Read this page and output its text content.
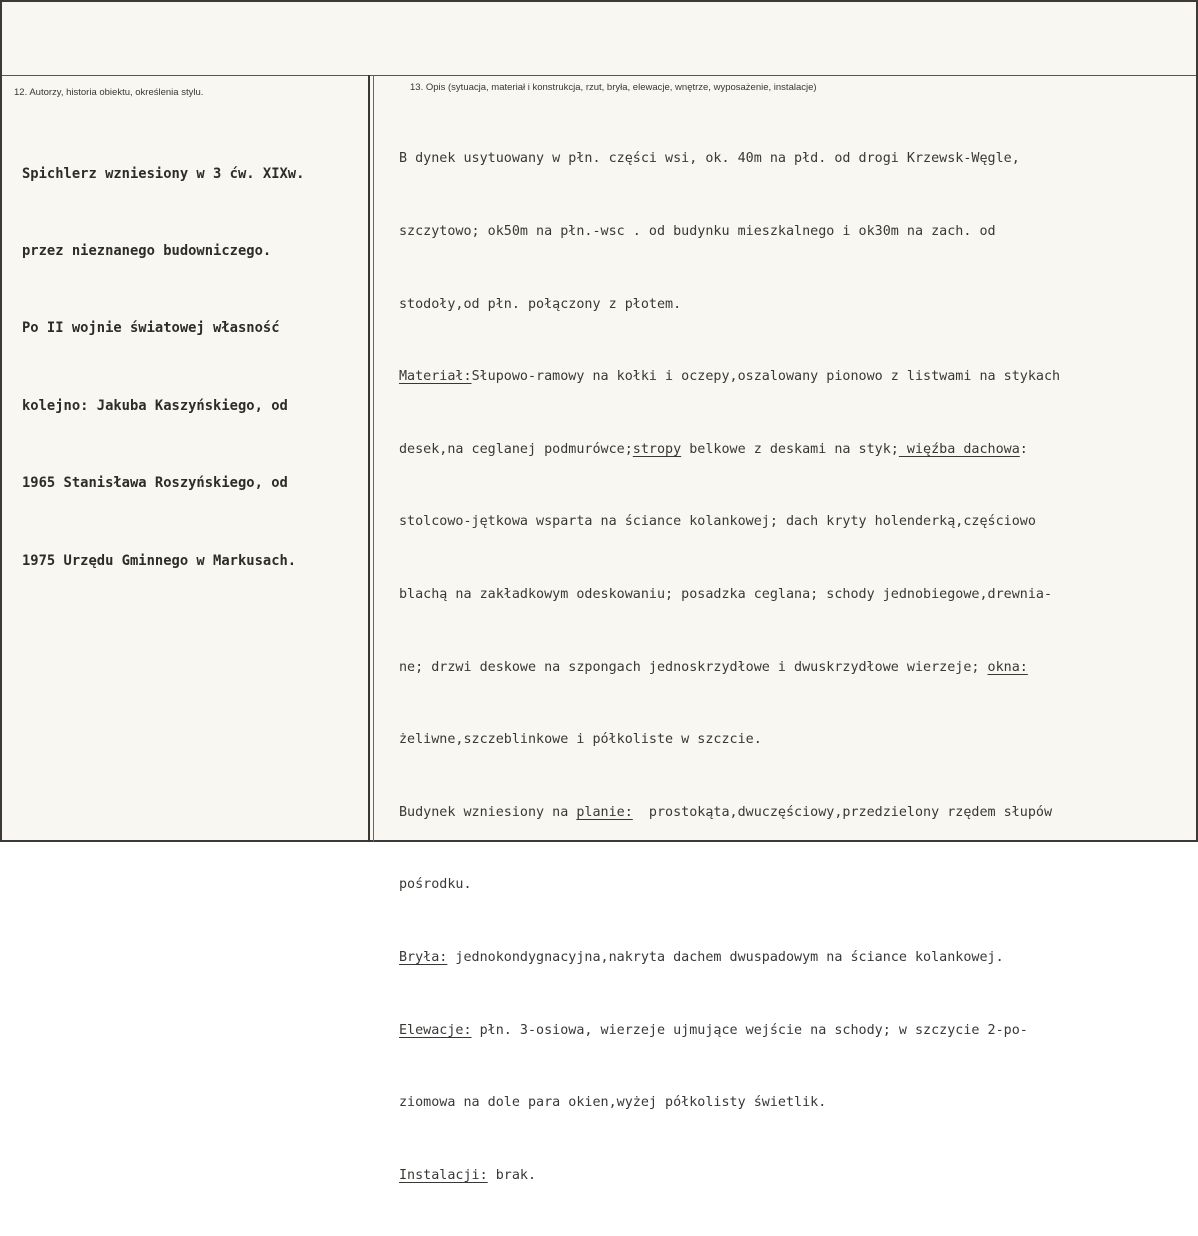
12. Autorzy, historia obiektu, określenia stylu.	13. Opis (sytuacja, materiał i konstrukcja, rzut, bryła, elewacje, wnętrze, wyposażenie, instalacje)

Spichlerz wzniesiony w 3 ćw. XIXw.

przez nieznanego budowniczego.

Po II wojnie światowej własność

kolejno: Jakuba Kaszyńskiego, od

1965 Stanisława Roszyńskiego, od

1975 Urzędu Gminnego w Markusach.

B dynek usytuowany w płn. części wsi, ok. 40m na płd. od drogi Krzewsk-Węgle,

szczytowo; ok50m na płn.-wsc . od budynku mieszkalnego i ok30m na zach. od

stodoły,od płn. połączony z płotem.

Materiał:Słupowo-ramowy na kołki i oczepy,oszalowany pionowo z listwami na stykach

desek,na ceglanej podmurówce;stropy belkowe z deskami na styk; więźba dachowa:

stolcowo-jętkowa wsparta na ściance kolankowej; dach kryty holenderką,częściowo

blachą na zakładkowym odeskowaniu; posadzka ceglana; schody jednobiegowe,drewnia-

ne; drzwi deskowe na szpongach jednoskrzydłowe i dwuskrzydłowe wierzeje; okna:

żeliwne,szczeblinkowe i półkoliste w szczcie.

Budynek wzniesiony na planie:  prostokąta,dwuczęściowy,przedzielony rzędem słupów

pośrodku.

Bryła: jednokondygnacyjna,nakryta dachem dwuspadowym na ściance kolankowej.

Elewacje: płn. 3-osiowa, wierzeje ujmujące wejście na schody; w szczycie 2-po-

ziomowa na dole para okien,wyżej półkolisty świetlik.

Instalacji: brak.
